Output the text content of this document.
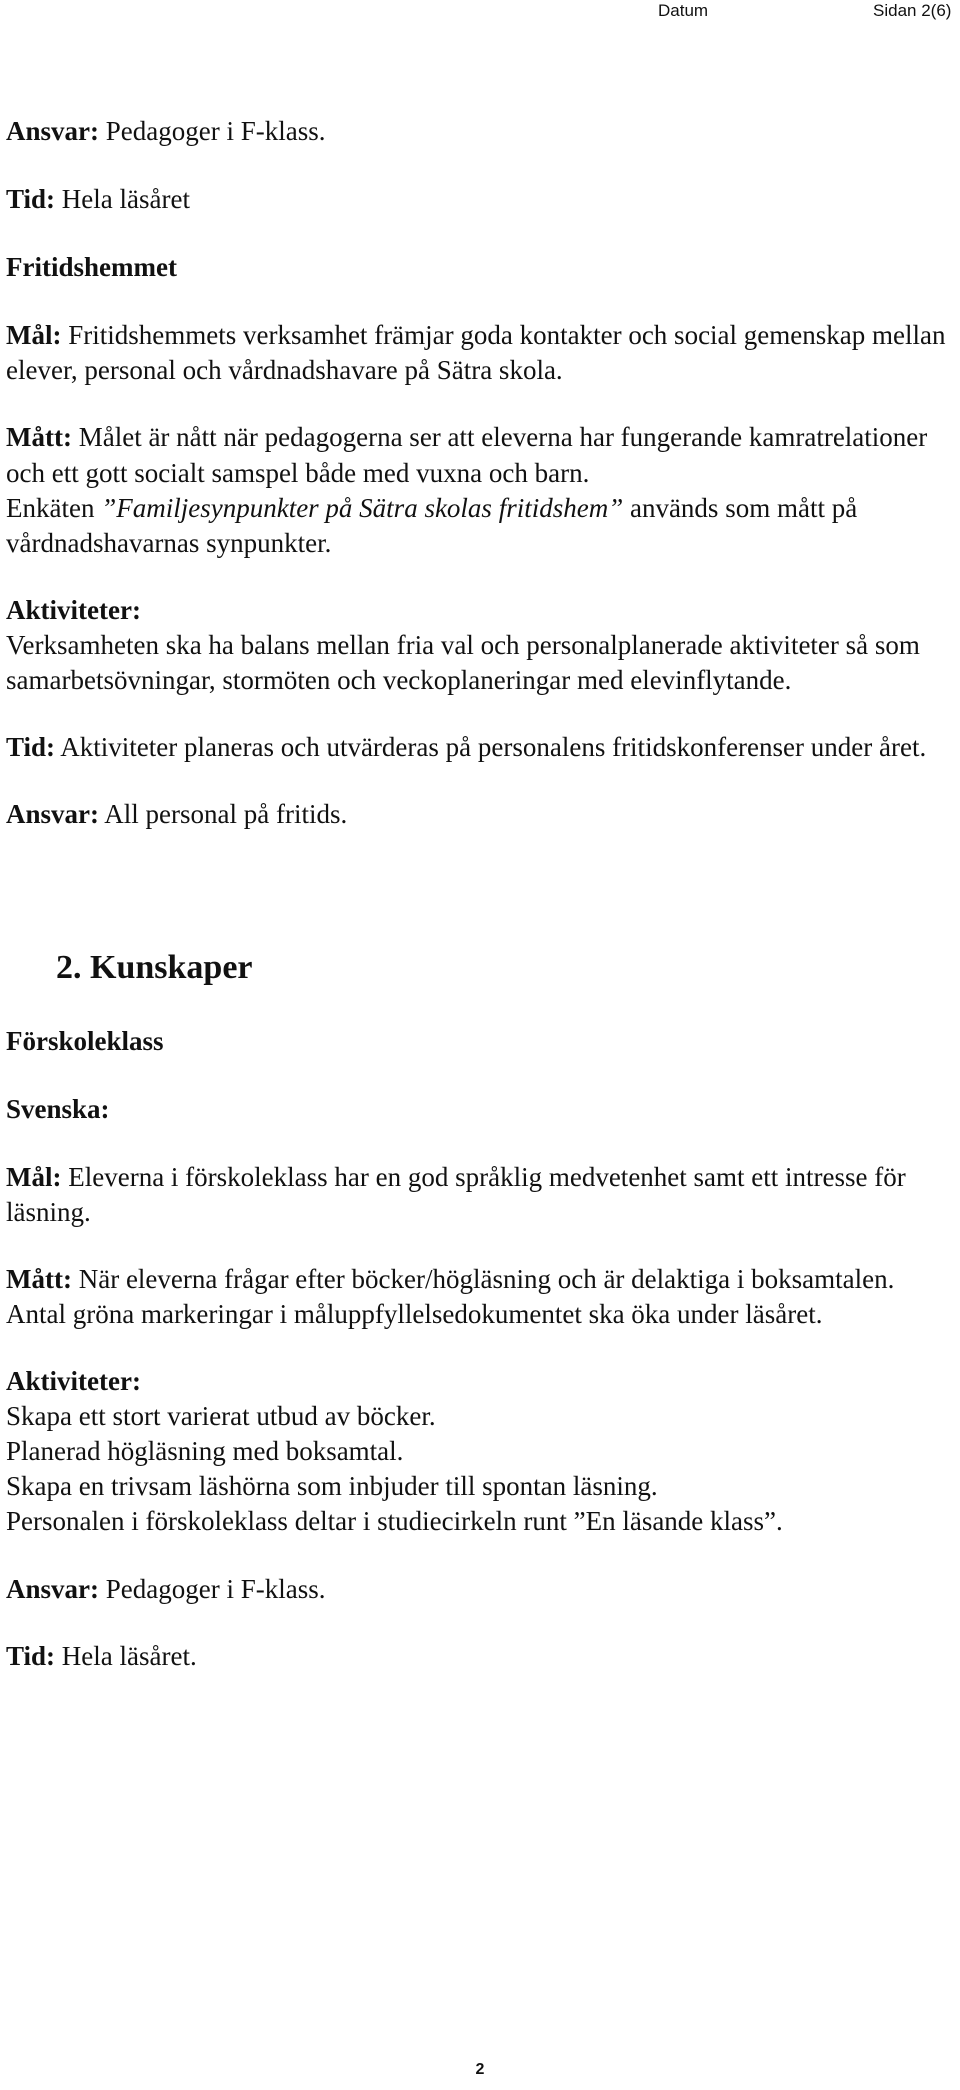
Datum	Sidan 2(6)

Ansvar: Pedagoger i F-klass.

Tid: Hela läsåret

Fritidshemmet

Mål: Fritidshemmets verksamhet främjar goda kontakter och social gemenskap mellan elever, personal och vårdnadshavare på Sätra skola.

Mått: Målet är nått när pedagogerna ser att eleverna har fungerande kamratrelationer och ett gott socialt samspel både med vuxna och barn.

Enkäten ”Familjesynpunkter på Sätra skolas fritidshem” används som mått på vårdnadshavarnas synpunkter.

Aktiviteter:

Verksamheten ska ha balans mellan fria val och personalplanerade aktiviteter så som samarbetsövningar, stormöten och veckoplaneringar med elevinflytande.

Tid: Aktiviteter planeras och utvärderas på personalens fritidskonferenser under året.

Ansvar: All personal på fritids.

2. Kunskaper

Förskoleklass

Svenska:

Mål: Eleverna i förskoleklass har en god språklig medvetenhet samt ett intresse för läsning.

Mått: När eleverna frågar efter böcker/högläsning och är delaktiga i boksamtalen. Antal gröna markeringar i måluppfyllelsedokumentet ska öka under läsåret.

Aktiviteter:

Skapa ett stort varierat utbud av böcker.

Planerad högläsning med boksamtal.

Skapa en trivsam läshörna som inbjuder till spontan läsning.

Personalen i förskoleklass deltar i studiecirkeln runt ”En läsande klass”.

Ansvar: Pedagoger i F-klass.

Tid: Hela läsåret.

2
